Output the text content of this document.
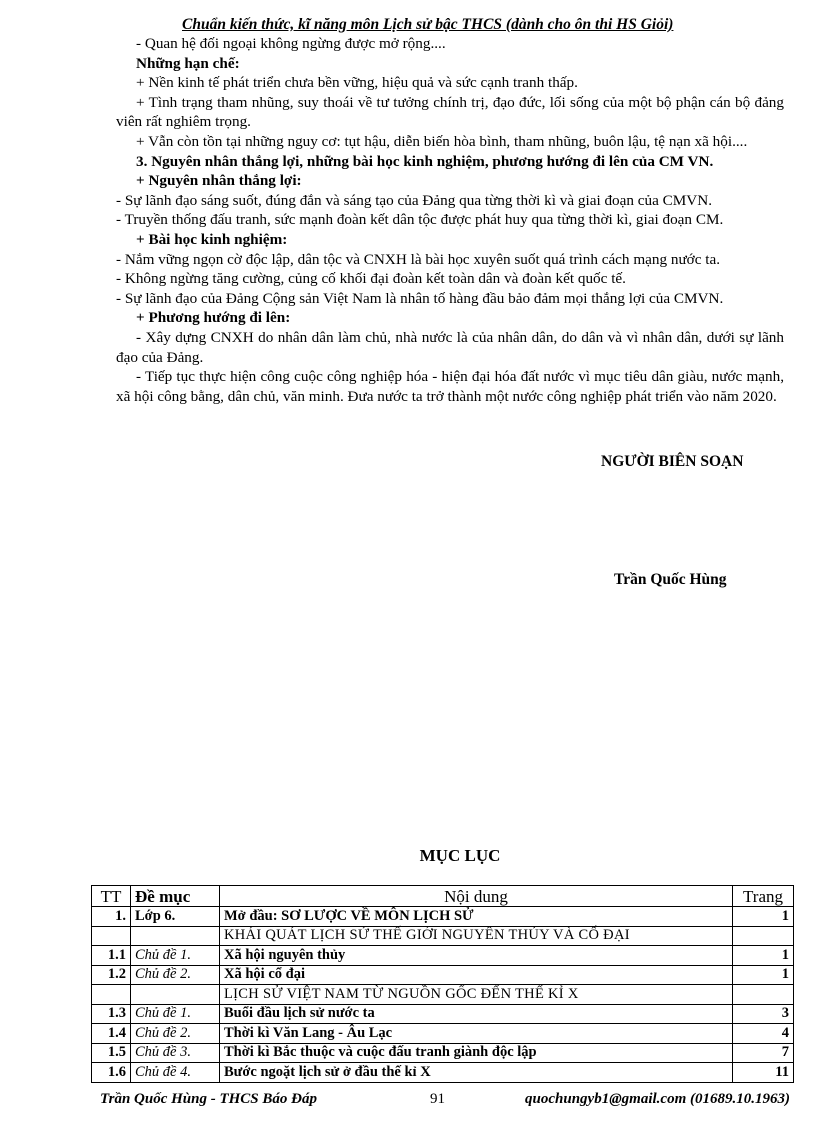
Chuẩn kiến thức, kĩ năng môn Lịch sử bậc THCS (dành cho ôn thi HS Giỏi)

- Quan hệ đối ngoại không ngừng được mở rộng....

Những hạn chế:

+ Nền kinh tế phát triển chưa bền vững, hiệu quả và sức cạnh tranh thấp.

+ Tình trạng tham nhũng, suy thoái về tư tưởng chính trị, đạo đức, lối sống của một bộ phận cán bộ đảng viên rất nghiêm trọng.

+ Vẫn còn tồn tại những nguy cơ: tụt hậu, diễn biến hòa bình, tham nhũng, buôn lậu, tệ nạn xã hội....

3. Nguyên nhân thắng lợi, những bài học kinh nghiệm, phương hướng đi lên của CM VN.

+ Nguyên nhân thắng lợi:

- Sự lãnh đạo sáng suốt, đúng đắn và sáng tạo của Đảng qua từng thời kì và giai đoạn của CMVN.

- Truyền thống đấu tranh, sức mạnh đoàn kết dân tộc được phát huy qua từng thời kì, giai đoạn CM.

+ Bài học kinh nghiệm:

- Nắm vững ngọn cờ độc lập, dân tộc và CNXH là bài học xuyên suốt quá trình cách mạng nước ta.

- Không ngừng tăng cường, củng cố khối đại đoàn kết toàn dân và đoàn kết quốc tế.

- Sự lãnh đạo của Đảng Cộng sản Việt Nam là nhân tố hàng đầu bảo đảm mọi thắng lợi của CMVN.

+ Phương hướng đi lên:

- Xây dựng CNXH do nhân dân làm chủ, nhà nước là của nhân dân, do dân và vì nhân dân, dưới sự lãnh đạo của Đảng.

- Tiếp tục thực hiện công cuộc công nghiệp hóa - hiện đại hóa đất nước vì mục tiêu dân giàu, nước mạnh, xã hội công bằng, dân chủ, văn minh. Đưa nước ta trở thành một nước công nghiệp phát triển vào năm 2020.

NGƯỜI BIÊN SOẠN
Trần Quốc Hùng
MỤC LỤC
TT	Đề mục	Nội dung	Trang
1.	Lớp 6.	Mở đầu: SƠ LƯỢC VỀ MÔN LỊCH SỬ	1
		KHÁI QUÁT LỊCH SỬ THẾ GIỚI NGUYÊN THỦY VÀ CỔ ĐẠI	
1.1	Chủ đề 1.	Xã hội nguyên thủy	1
1.2	Chủ đề 2.	Xã hội cổ đại	1
		LỊCH SỬ VIỆT NAM TỪ NGUỒN GỐC ĐẾN THẾ KỈ X	
1.3	Chủ đề 1.	Buổi đầu lịch sử nước ta	3
1.4	Chủ đề 2.	Thời kì Văn Lang - Âu Lạc	4
1.5	Chủ đề 3.	Thời kì Bắc thuộc và cuộc đấu tranh giành độc lập	7
1.6	Chủ đề 4.	Bước ngoặt lịch sử ở đầu thế kỉ X	11
Trần Quốc Hùng - THCS Báo Đáp	91	quochungyb1@gmail.com (01689.10.1963)
